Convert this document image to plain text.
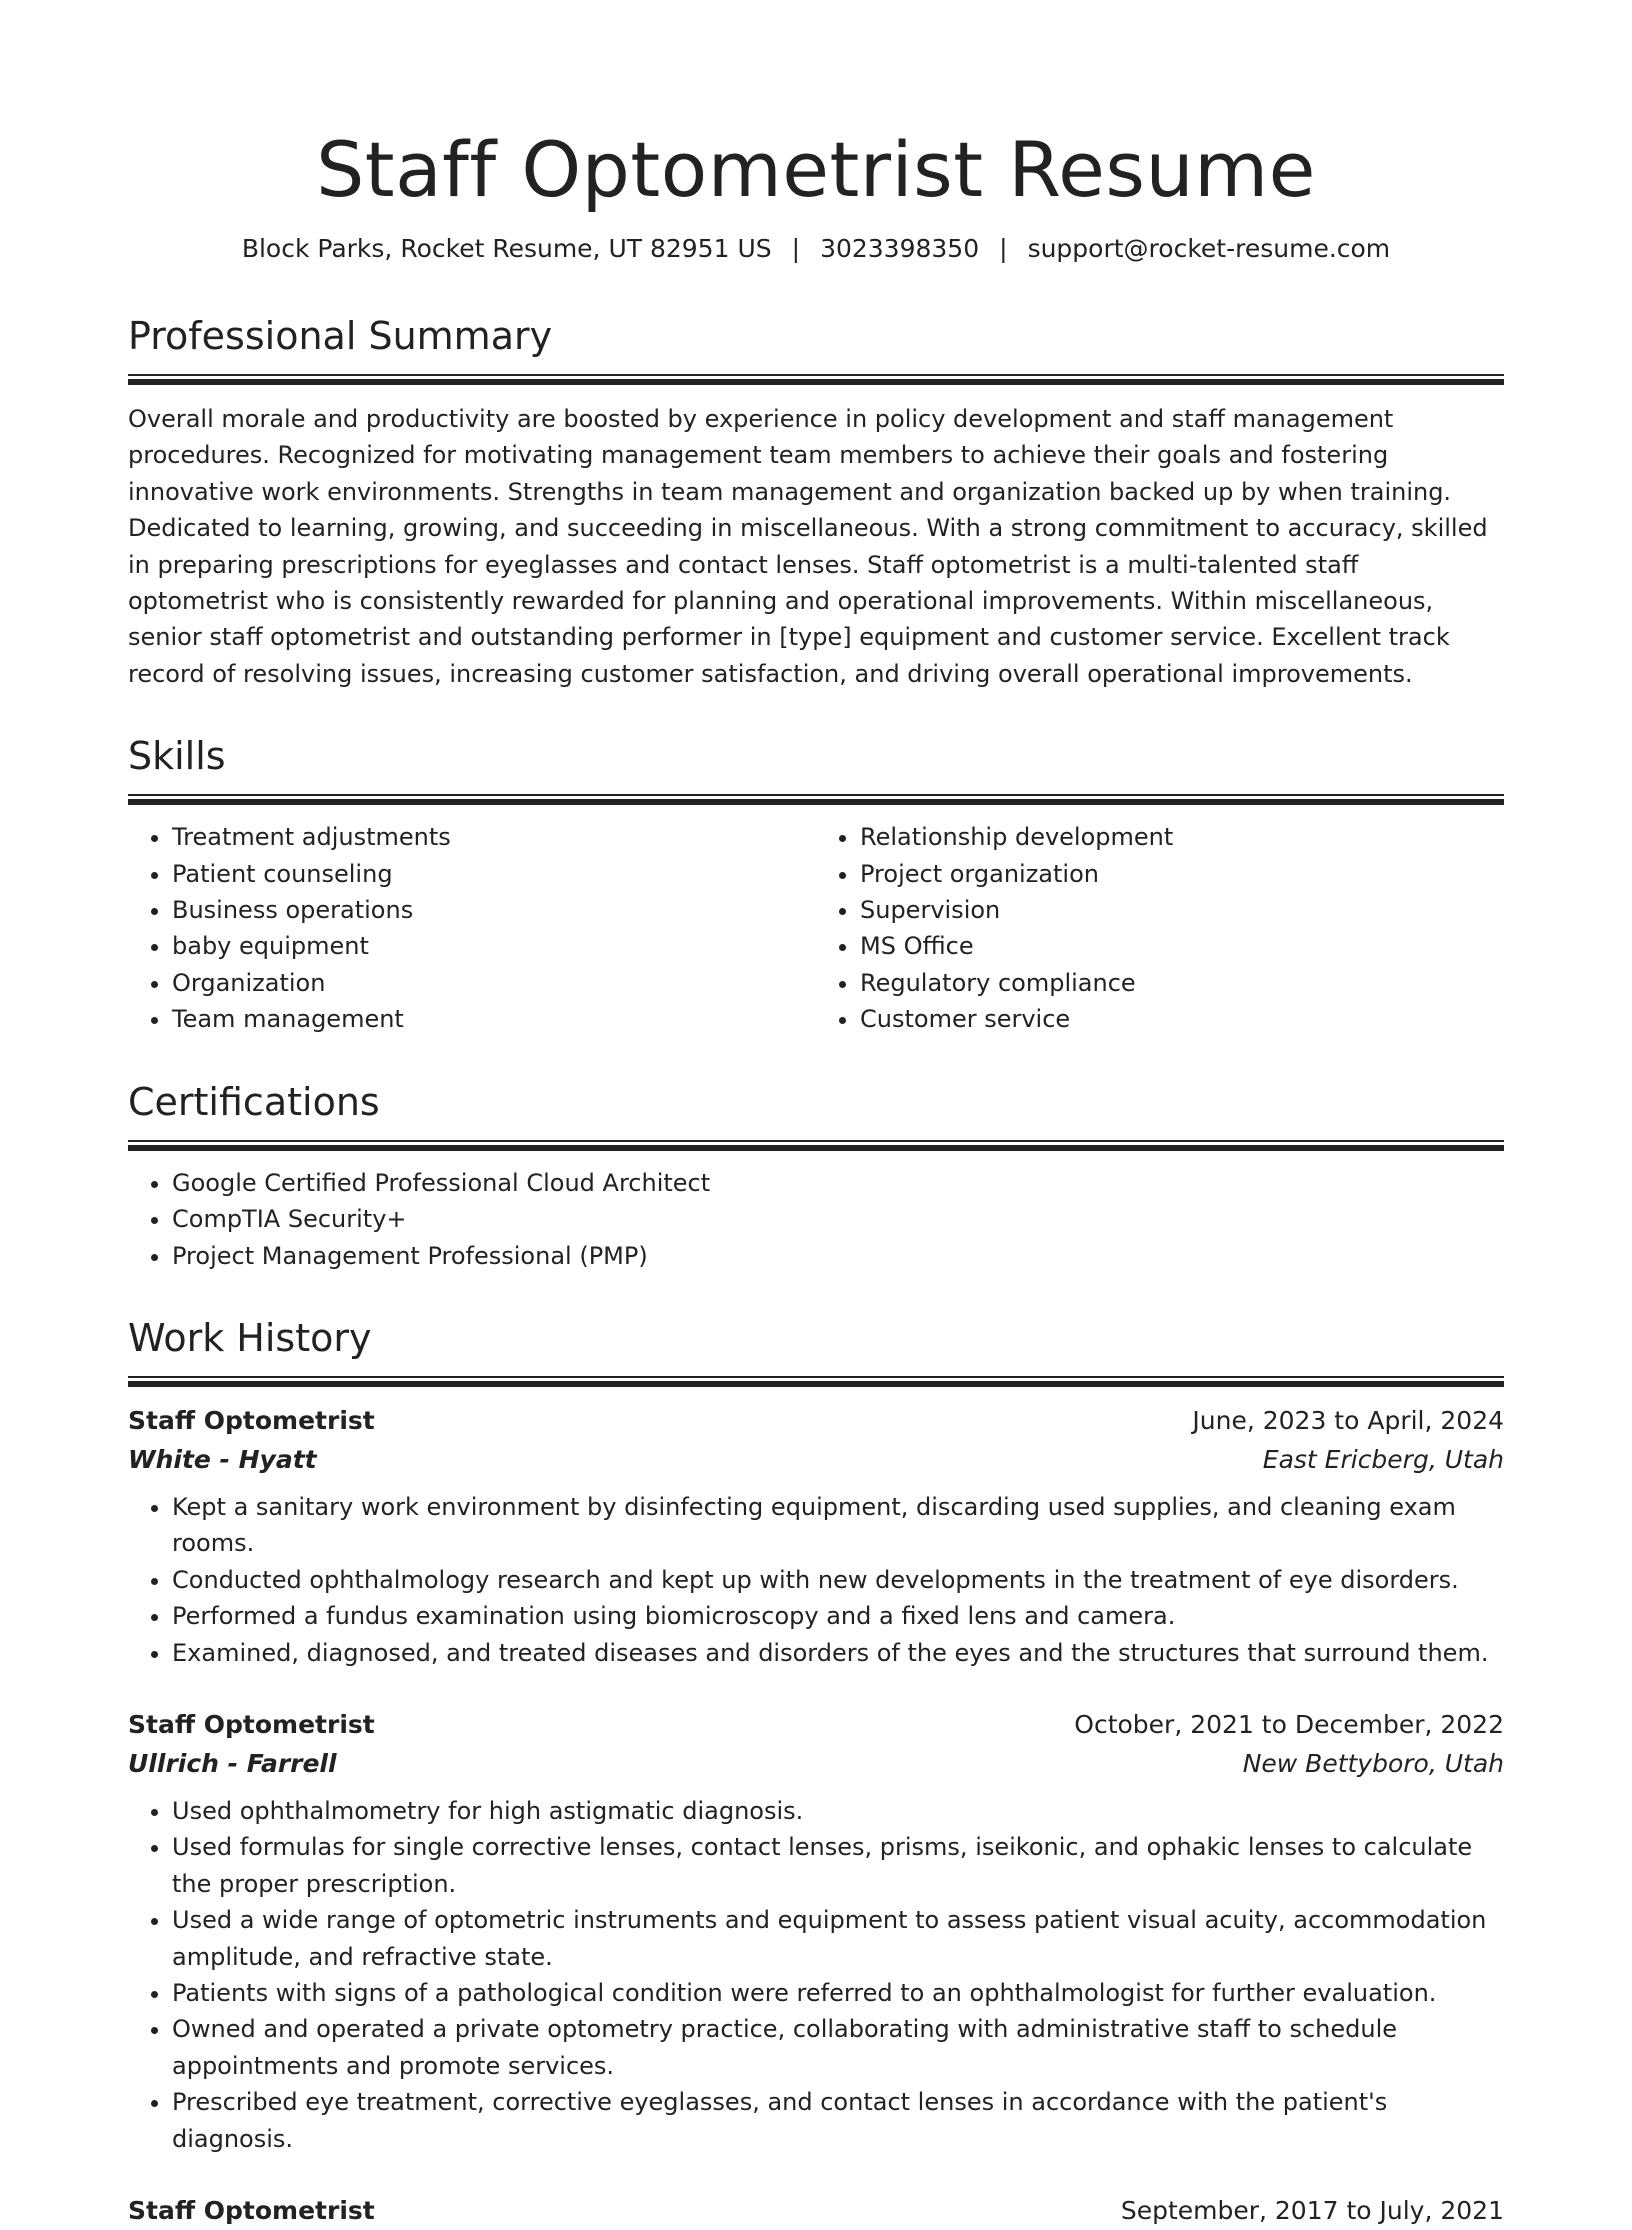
Staff Optometrist Resume
Block Parks, Rocket Resume, UT 82951 US | 3023398350 | support@rocket-resume.com
Professional Summary

Overall morale and productivity are boosted by experience in policy development and staff management procedures. Recognized for motivating management team members to achieve their goals and fostering innovative work environments. Strengths in team management and organization backed up by when training. Dedicated to learning, growing, and succeeding in miscellaneous. With a strong commitment to accuracy, skilled in preparing prescriptions for eyeglasses and contact lenses. Staff optometrist is a multi-talented staff optometrist who is consistently rewarded for planning and operational improvements. Within miscellaneous, senior staff optometrist and outstanding performer in [type] equipment and customer service. Excellent track record of resolving issues, increasing customer satisfaction, and driving overall operational improvements.

Skills
• Treatment adjustments
• Patient counseling
• Business operations
• baby equipment
• Organization
• Team management
• Relationship development
• Project organization
• Supervision
• MS Office
• Regulatory compliance
• Customer service
Certifications
• Google Certified Professional Cloud Architect
• CompTIA Security+
• Project Management Professional (PMP)
Work History
Staff Optometrist	June, 2023 to April, 2024
White - Hyatt	East Ericberg, Utah
• Kept a sanitary work environment by disinfecting equipment, discarding used supplies, and cleaning exam rooms.
• Conducted ophthalmology research and kept up with new developments in the treatment of eye disorders.
• Performed a fundus examination using biomicroscopy and a fixed lens and camera.
• Examined, diagnosed, and treated diseases and disorders of the eyes and the structures that surround them.
Staff Optometrist	October, 2021 to December, 2022
Ullrich - Farrell	New Bettyboro, Utah
• Used ophthalmometry for high astigmatic diagnosis.
• Used formulas for single corrective lenses, contact lenses, prisms, iseikonic, and ophakic lenses to calculate the proper prescription.
• Used a wide range of optometric instruments and equipment to assess patient visual acuity, accommodation amplitude, and refractive state.
• Patients with signs of a pathological condition were referred to an ophthalmologist for further evaluation.
• Owned and operated a private optometry practice, collaborating with administrative staff to schedule appointments and promote services.
• Prescribed eye treatment, corrective eyeglasses, and contact lenses in accordance with the patient's diagnosis.
Staff Optometrist	September, 2017 to July, 2021
